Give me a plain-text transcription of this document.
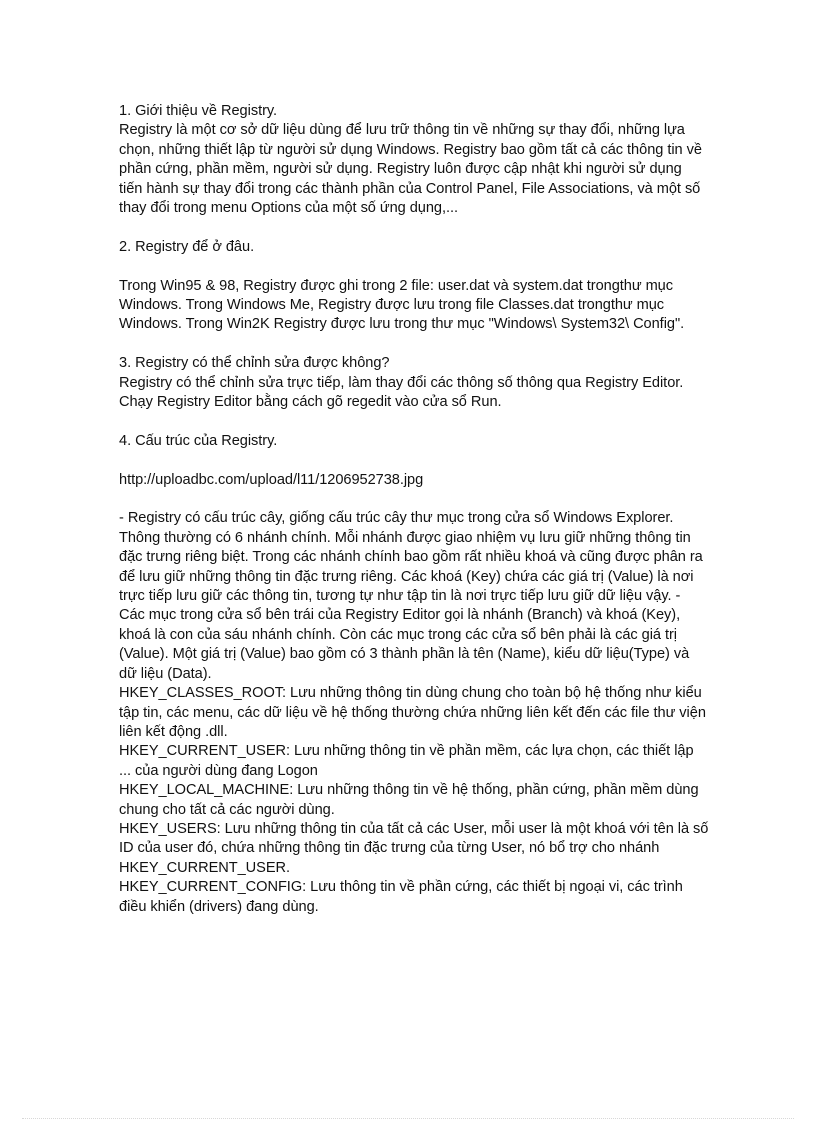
1. Giới thiệu về Registry.

Registry là một cơ sở dữ liệu dùng để lưu trữ thông tin về những sự thay đổi, những lựa chọn, những thiết lập từ người sử dụng Windows. Registry bao gồm tất cả các thông tin về phần cứng, phần mềm, người sử dụng. Registry luôn được cập nhật khi người sử dụng tiến hành sự thay đổi trong các thành phần của Control Panel, File Associations, và một số thay đổi trong menu Options của một số ứng dụng,...

2. Registry để ở đâu.

Trong Win95 & 98, Registry được ghi trong 2 file: user.dat và system.dat trongthư mục Windows. Trong Windows Me, Registry được lưu trong file Classes.dat trongthư mục Windows. Trong Win2K Registry được lưu trong thư mục "Windows\ System32\ Config".

3. Registry có thể chỉnh sửa được không?

Registry có thể chỉnh sửa trực tiếp, làm thay đổi các thông số thông qua Registry Editor. Chạy Registry Editor bằng cách gõ regedit vào cửa sổ Run.

4. Cấu trúc của Registry.

http://uploadbc.com/upload/l11/1206952738.jpg

- Registry có cấu trúc cây, giống cấu trúc cây thư mục trong cửa sổ Windows Explorer. Thông thường có 6 nhánh chính. Mỗi nhánh được giao nhiệm vụ lưu giữ những thông tin đặc trưng riêng biệt. Trong các nhánh chính bao gồm rất nhiều khoá và cũng được phân ra để lưu giữ những thông tin đặc trưng riêng. Các khoá (Key) chứa các giá trị (Value) là nơi trực tiếp lưu giữ các thông tin, tương tự như tập tin là nơi trực tiếp lưu giữ dữ liệu vậy. - Các mục trong cửa sổ bên trái của Registry Editor gọi là nhánh (Branch) và khoá (Key), khoá là con của sáu nhánh chính. Còn các mục trong các cửa sổ bên phải là các giá trị (Value). Một giá trị (Value) bao gồm có 3 thành phần là tên (Name), kiểu dữ liệu(Type) và dữ liệu (Data).

HKEY_CLASSES_ROOT: Lưu những thông tin dùng chung cho toàn bộ hệ thống như kiểu tập tin, các menu, các dữ liệu về hệ thống thường chứa những liên kết đến các file thư viện liên kết động .dll.

HKEY_CURRENT_USER: Lưu những thông tin về phần mềm, các lựa chọn, các thiết lập ... của người dùng đang Logon

HKEY_LOCAL_MACHINE: Lưu những thông tin về hệ thống, phần cứng, phần mềm dùng chung cho tất cả các người dùng.

HKEY_USERS: Lưu những thông tin của tất cả các User, mỗi user là một khoá với tên là số ID của user đó, chứa những thông tin đặc trưng của từng User, nó bổ trợ cho nhánh HKEY_CURRENT_USER.

HKEY_CURRENT_CONFIG: Lưu thông tin về phần cứng, các thiết bị ngoại vi, các trình điều khiển (drivers) đang dùng.
